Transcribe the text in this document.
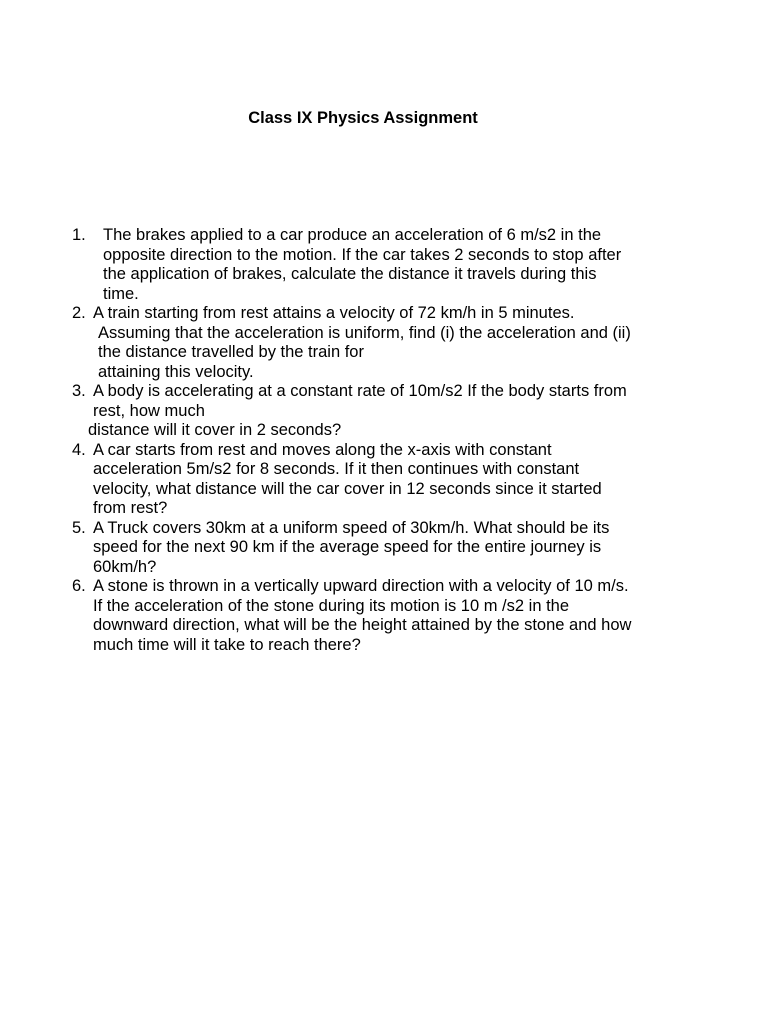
Class IX Physics Assignment
1. The brakes applied to a car produce an acceleration of 6 m/s2 in the
opposite direction to the motion. If the car takes 2 seconds to stop after
the application of brakes, calculate the distance it travels during this
time.
2. A train starting from rest attains a velocity of 72 km/h in 5 minutes.
Assuming that the acceleration is uniform, find (i) the acceleration and (ii)
the distance travelled by the train for
attaining this velocity.
3. A body is accelerating at a constant rate of 10m/s2 If the body starts from
rest, how much
distance will it cover in 2 seconds?
4. A car starts from rest and moves along the x-axis with constant
acceleration 5m/s2 for 8 seconds. If it then continues with constant
velocity, what distance will the car cover in 12 seconds since it started
from rest?
5. A Truck covers 30km at a uniform speed of 30km/h. What should be its
speed for the next 90 km if the average speed for the entire journey is
60km/h?
6. A stone is thrown in a vertically upward direction with a velocity of 10 m/s.
If the acceleration of the stone during its motion is 10 m /s2 in the
downward direction, what will be the height attained by the stone and how
much time will it take to reach there?
